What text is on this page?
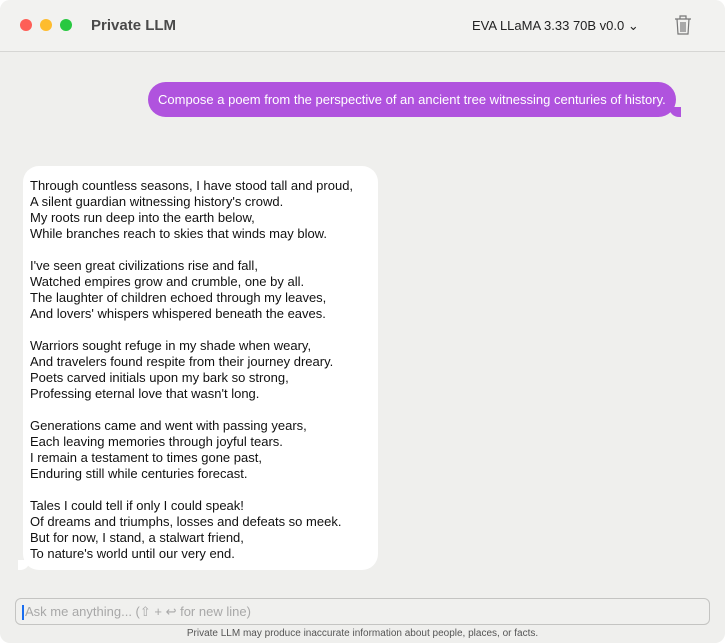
Private LLM	EVA LLaMA 3.33 70B v0.0 ⌄
Compose a poem from the perspective of an ancient tree witnessing centuries of history.
Through countless seasons, I have stood tall and proud,
A silent guardian witnessing history's crowd.
My roots run deep into the earth below,
While branches reach to skies that winds may blow.
I've seen great civilizations rise and fall,
Watched empires grow and crumble, one by all.
The laughter of children echoed through my leaves,
And lovers' whispers whispered beneath the eaves.
Warriors sought refuge in my shade when weary,
And travelers found respite from their journey dreary.
Poets carved initials upon my bark so strong,
Professing eternal love that wasn't long.
Generations came and went with passing years,
Each leaving memories through joyful tears.
I remain a testament to times gone past,
Enduring still while centuries forecast.
Tales I could tell if only I could speak!
Of dreams and triumphs, losses and defeats so meek.
But for now, I stand, a stalwart friend,
To nature's world until our very end.
Ask me anything... (⇧ + ↩ for new line)
Private LLM may produce inaccurate information about people, places, or facts.
